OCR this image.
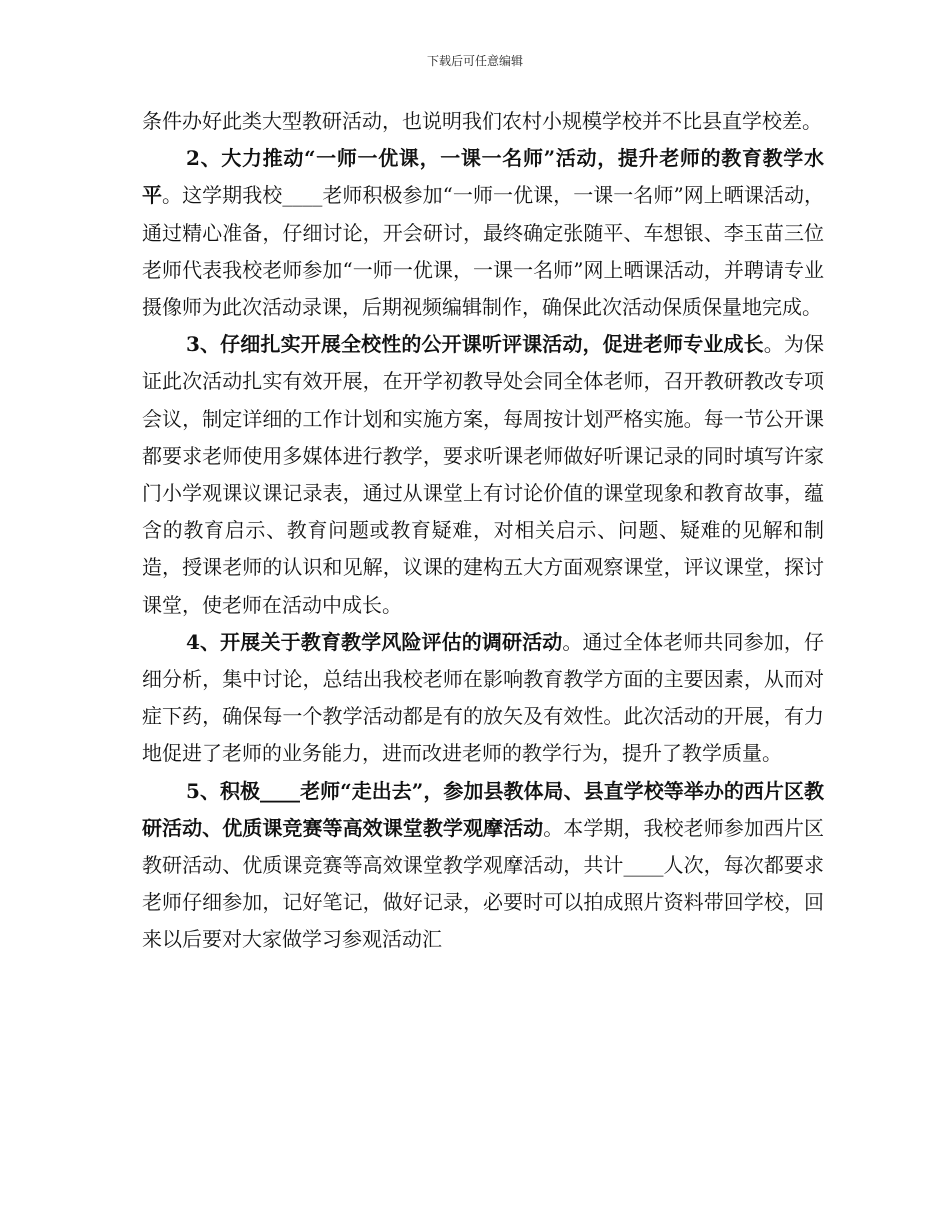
下载后可任意编辑

条件办好此类大型教研活动，也说明我们农村小规模学校并不比县直学校差。

2、大力推动“一师一优课，一课一名师”活动，提升老师的教育教学水平。这学期我校____老师积极参加“一师一优课，一课一名师”网上晒课活动，通过精心准备，仔细讨论，开会研讨，最终确定张随平、车想银、李玉苗三位老师代表我校老师参加“一师一优课，一课一名师”网上晒课活动，并聘请专业摄像师为此次活动录课，后期视频编辑制作，确保此次活动保质保量地完成。

3、仔细扎实开展全校性的公开课听评课活动，促进老师专业成长。为保证此次活动扎实有效开展，在开学初教导处会同全体老师，召开教研教改专项会议，制定详细的工作计划和实施方案，每周按计划严格实施。每一节公开课都要求老师使用多媒体进行教学，要求听课老师做好听课记录的同时填写许家门小学观课议课记录表，通过从课堂上有讨论价值的课堂现象和教育故事，蕴含的教育启示、教育问题或教育疑难，对相关启示、问题、疑难的见解和制造，授课老师的认识和见解，议课的建构五大方面观察课堂，评议课堂，探讨课堂，使老师在活动中成长。

4、开展关于教育教学风险评估的调研活动。通过全体老师共同参加，仔细分析，集中讨论，总结出我校老师在影响教育教学方面的主要因素，从而对症下药，确保每一个教学活动都是有的放矢及有效性。此次活动的开展，有力地促进了老师的业务能力，进而改进老师的教学行为，提升了教学质量。

5、积极____老师“走出去”，参加县教体局、县直学校等举办的西片区教研活动、优质课竞赛等高效课堂教学观摩活动。本学期，我校老师参加西片区教研活动、优质课竞赛等高效课堂教学观摩活动，共计____人次，每次都要求老师仔细参加，记好笔记，做好记录，必要时可以拍成照片资料带回学校，回来以后要对大家做学习参观活动汇
